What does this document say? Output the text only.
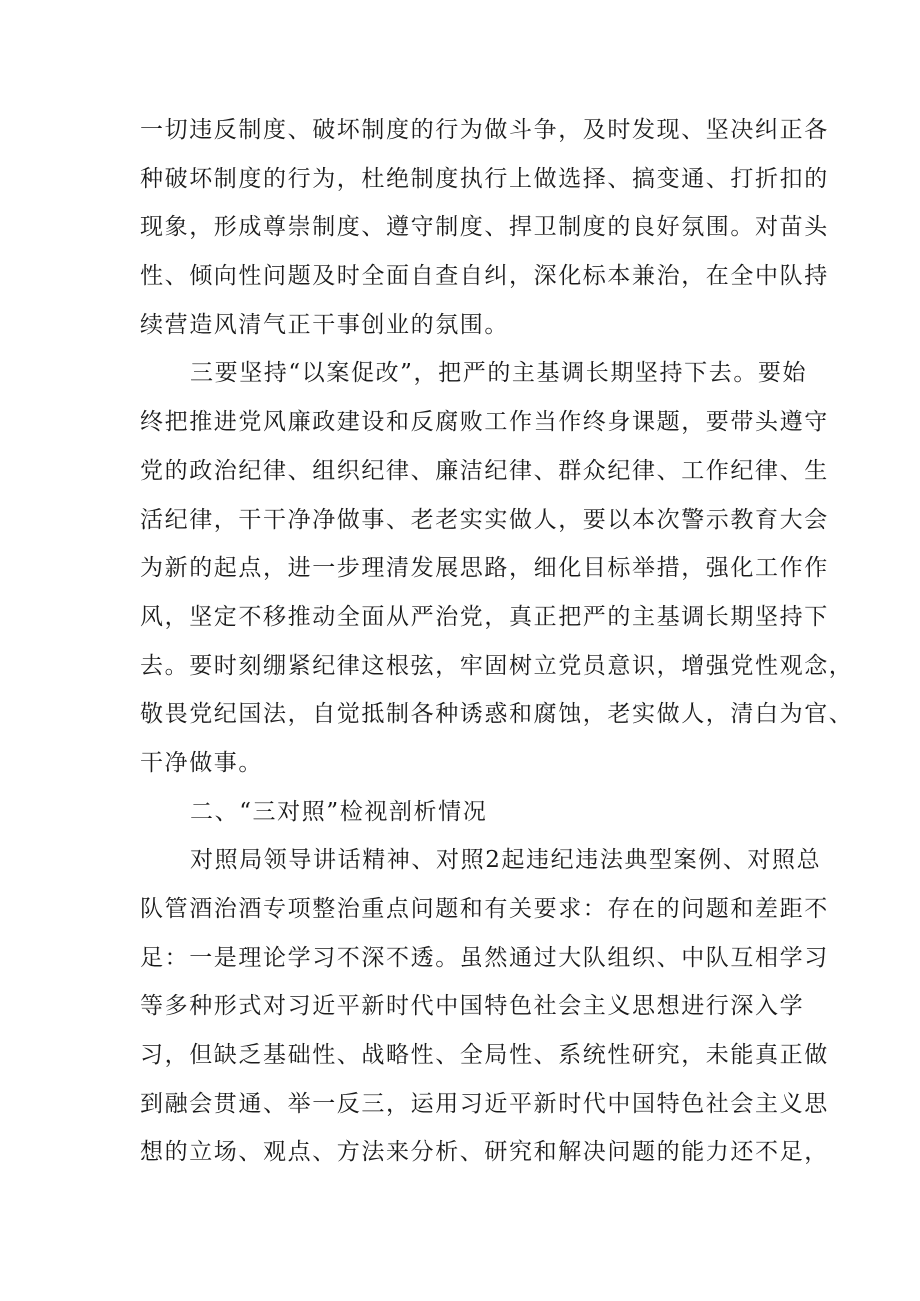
一切违反制度、破坏制度的行为做斗争，及时发现、坚决纠正各
种破坏制度的行为，杜绝制度执行上做选择、搞变通、打折扣的
现象，形成尊崇制度、遵守制度、捍卫制度的良好氛围。对苗头
性、倾向性问题及时全面自查自纠，深化标本兼治，在全中队持
续营造风清气正干事创业的氛围。
三要坚持“以案促改”，把严的主基调长期坚持下去。要始
终把推进党风廉政建设和反腐败工作当作终身课题，要带头遵守
党的政治纪律、组织纪律、廉洁纪律、群众纪律、工作纪律、生
活纪律，干干净净做事、老老实实做人，要以本次警示教育大会
为新的起点，进一步理清发展思路，细化目标举措，强化工作作
风，坚定不移推动全面从严治党，真正把严的主基调长期坚持下
去。要时刻绷紧纪律这根弦，牢固树立党员意识，增强党性观念，
敬畏党纪国法，自觉抵制各种诱惑和腐蚀，老实做人，清白为官、
干净做事。
二、“三对照”检视剖析情况
对照局领导讲话精神、对照2起违纪违法典型案例、对照总
队管酒治酒专项整治重点问题和有关要求：存在的问题和差距不
足：一是理论学习不深不透。虽然通过大队组织、中队互相学习
等多种形式对习近平新时代中国特色社会主义思想进行深入学
习，但缺乏基础性、战略性、全局性、系统性研究，未能真正做
到融会贯通、举一反三，运用习近平新时代中国特色社会主义思
想的立场、观点、方法来分析、研究和解决问题的能力还不足，
